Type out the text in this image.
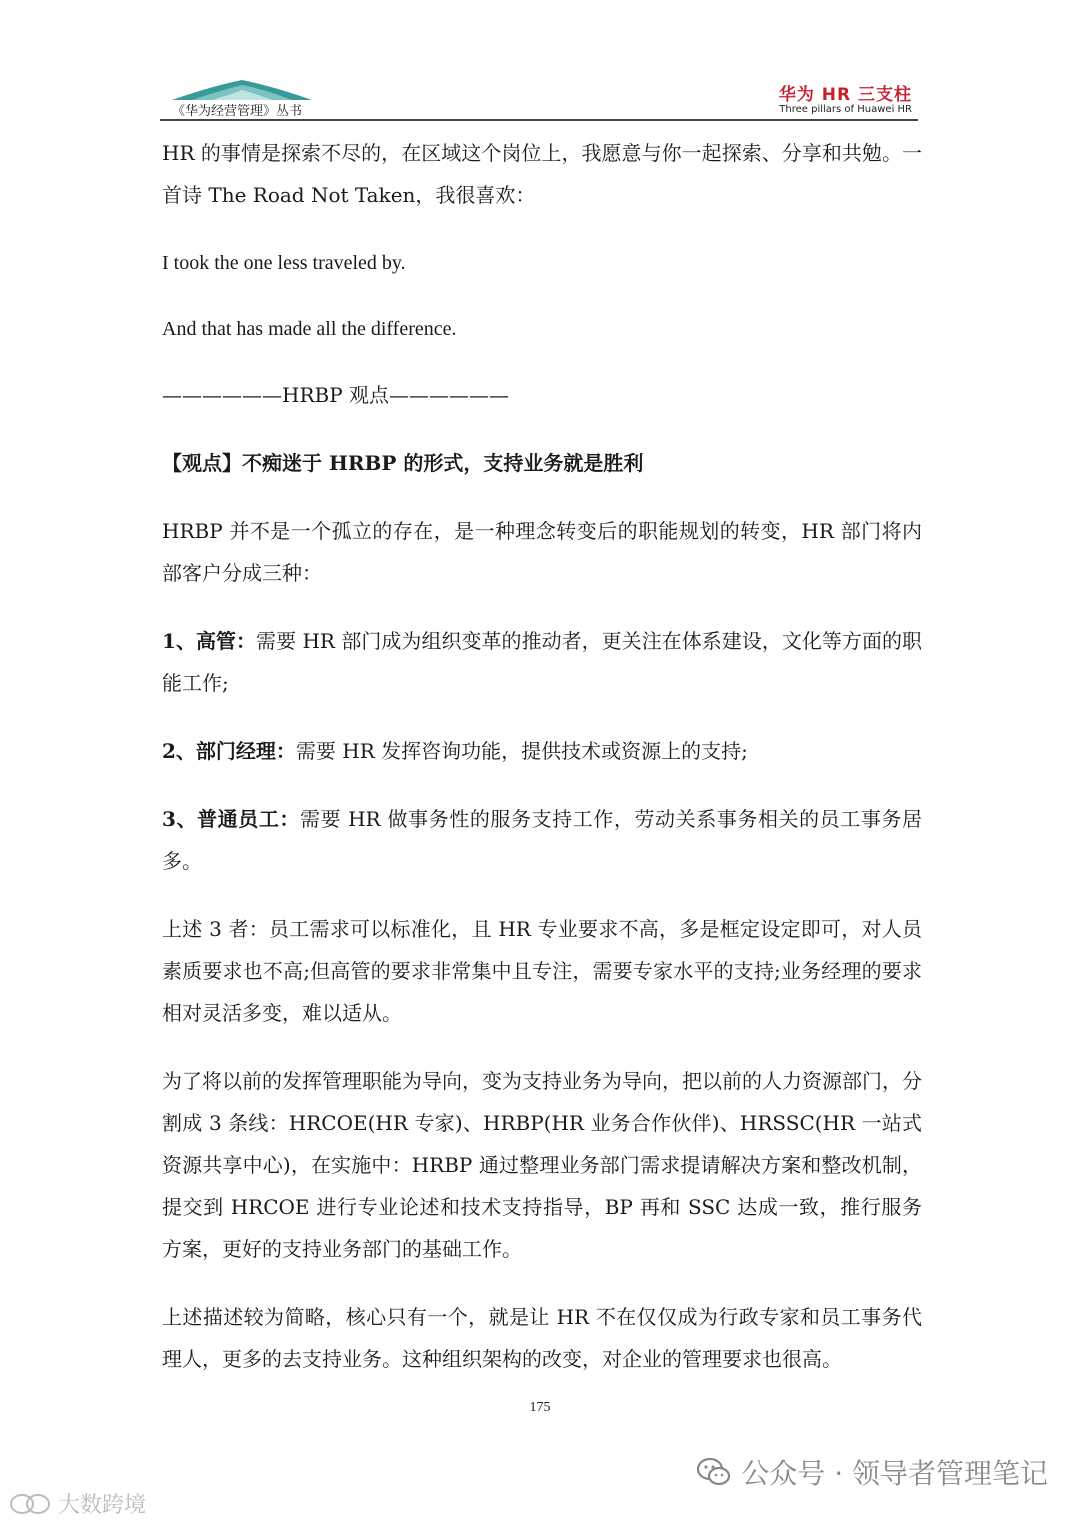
《华为经营管理》丛书
华为 HR 三支柱
Three pillars of Huawei HR

HR 的事情是探索不尽的，在区域这个岗位上，我愿意与你一起探索、分享和共勉。一首诗 The Road Not Taken，我很喜欢：

I took the one less traveled by.

And that has made all the difference.

——————HRBP 观点——————

【观点】不痴迷于 HRBP 的形式，支持业务就是胜利

HRBP 并不是一个孤立的存在，是一种理念转变后的职能规划的转变，HR 部门将内部客户分成三种：

1、高管：需要 HR 部门成为组织变革的推动者，更关注在体系建设，文化等方面的职能工作;

2、部门经理：需要 HR 发挥咨询功能，提供技术或资源上的支持;

3、普通员工：需要 HR 做事务性的服务支持工作，劳动关系事务相关的员工事务居多。

上述 3 者：员工需求可以标准化，且 HR 专业要求不高，多是框定设定即可，对人员素质要求也不高;但高管的要求非常集中且专注，需要专家水平的支持;业务经理的要求相对灵活多变，难以适从。

为了将以前的发挥管理职能为导向，变为支持业务为导向，把以前的人力资源部门，分割成 3 条线：HRCOE(HR 专家)、HRBP(HR 业务合作伙伴)、HRSSC(HR 一站式资源共享中心)，在实施中：HRBP 通过整理业务部门需求提请解决方案和整改机制，提交到 HRCOE 进行专业论述和技术支持指导，BP 再和 SSC 达成一致，推行服务方案，更好的支持业务部门的基础工作。

上述描述较为简略，核心只有一个，就是让 HR 不在仅仅成为行政专家和员工事务代理人，更多的去支持业务。这种组织架构的改变，对企业的管理要求也很高。

175
公众号 · 领导者管理笔记
大数跨境
